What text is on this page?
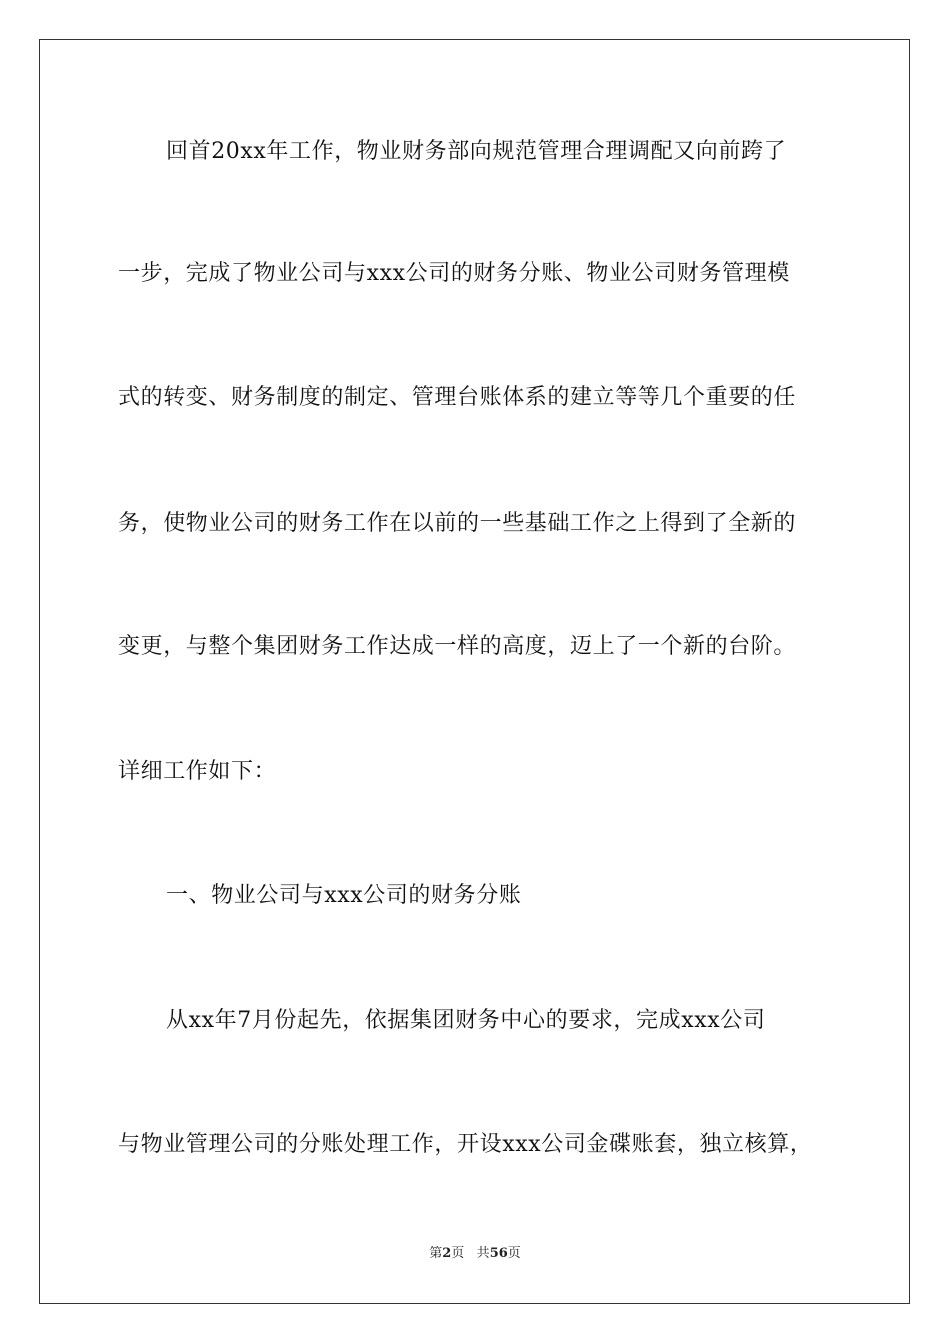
回首20xx年工作，物业财务部向规范管理合理调配又向前跨了
一步，完成了物业公司与xxx公司的财务分账、物业公司财务管理模
式的转变、财务制度的制定、管理台账体系的建立等等几个重要的任
务，使物业公司的财务工作在以前的一些基础工作之上得到了全新的
变更，与整个集团财务工作达成一样的高度，迈上了一个新的台阶。
详细工作如下：
一、物业公司与xxx公司的财务分账
从xx年7月份起先，依据集团财务中心的要求，完成xxx公司
与物业管理公司的分账处理工作，开设xxx公司金碟账套，独立核算，
第2页 共56页
